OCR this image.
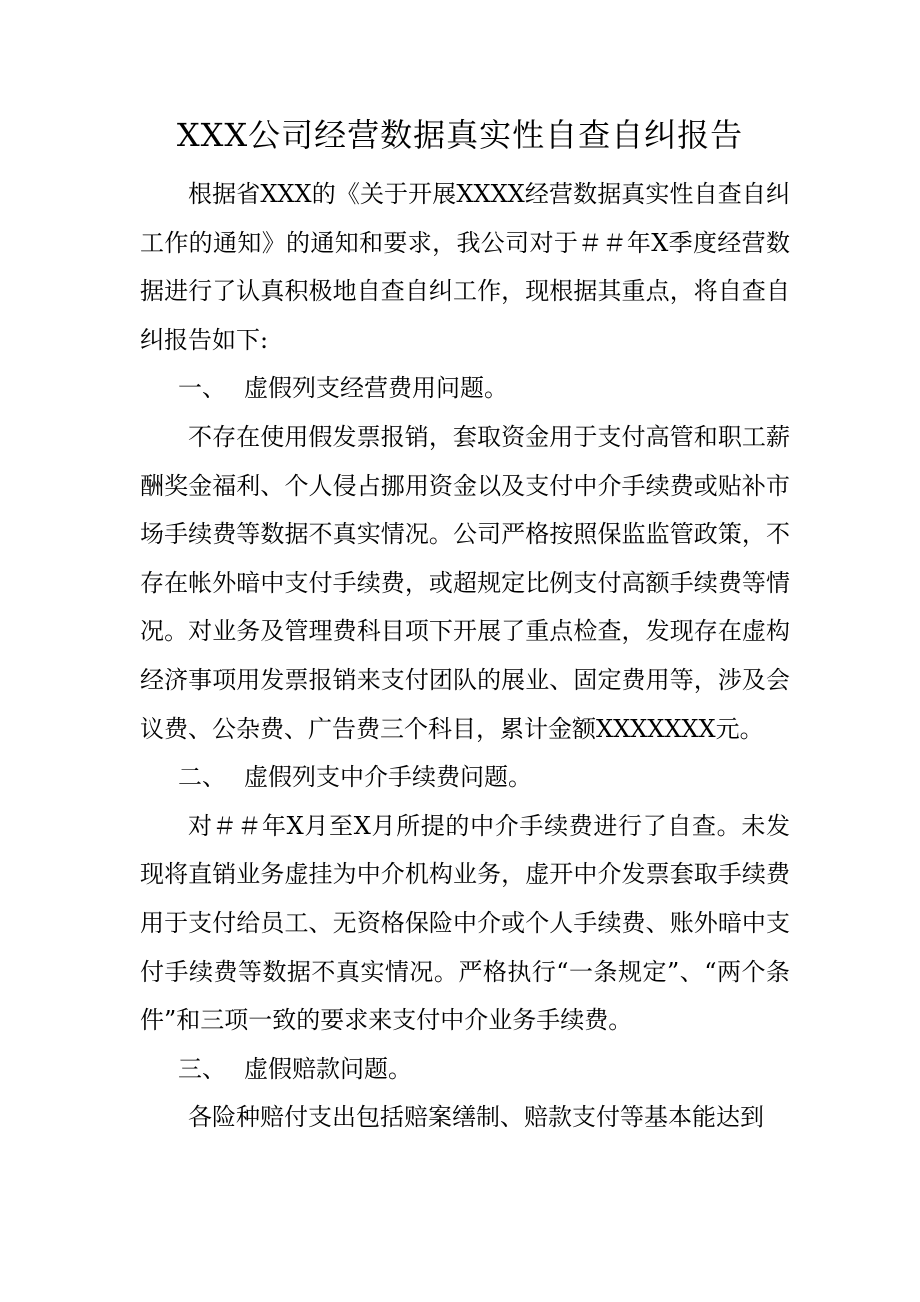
XXX公司经营数据真实性自查自纠报告

根据省XXX的《关于开展XXXX经营数据真实性自查自纠工作的通知》的通知和要求，我公司对于＃＃年X季度经营数据进行了认真积极地自查自纠工作，现根据其重点，将自查自纠报告如下:

一、 虚假列支经营费用问题。

不存在使用假发票报销，套取资金用于支付高管和职工薪酬奖金福利、个人侵占挪用资金以及支付中介手续费或贴补市场手续费等数据不真实情况。公司严格按照保监监管政策，不存在帐外暗中支付手续费，或超规定比例支付高额手续费等情况。对业务及管理费科目项下开展了重点检查，发现存在虚构经济事项用发票报销来支付团队的展业、固定费用等，涉及会议费、公杂费、广告费三个科目，累计金额XXXXXXX元。

二、 虚假列支中介手续费问题。

对＃＃年X月至X月所提的中介手续费进行了自查。未发现将直销业务虚挂为中介机构业务，虚开中介发票套取手续费用于支付给员工、无资格保险中介或个人手续费、账外暗中支付手续费等数据不真实情况。严格执行“一条规定”、“两个条件”和三项一致的要求来支付中介业务手续费。

三、 虚假赔款问题。

各险种赔付支出包括赔案缮制、赔款支付等基本能达到
